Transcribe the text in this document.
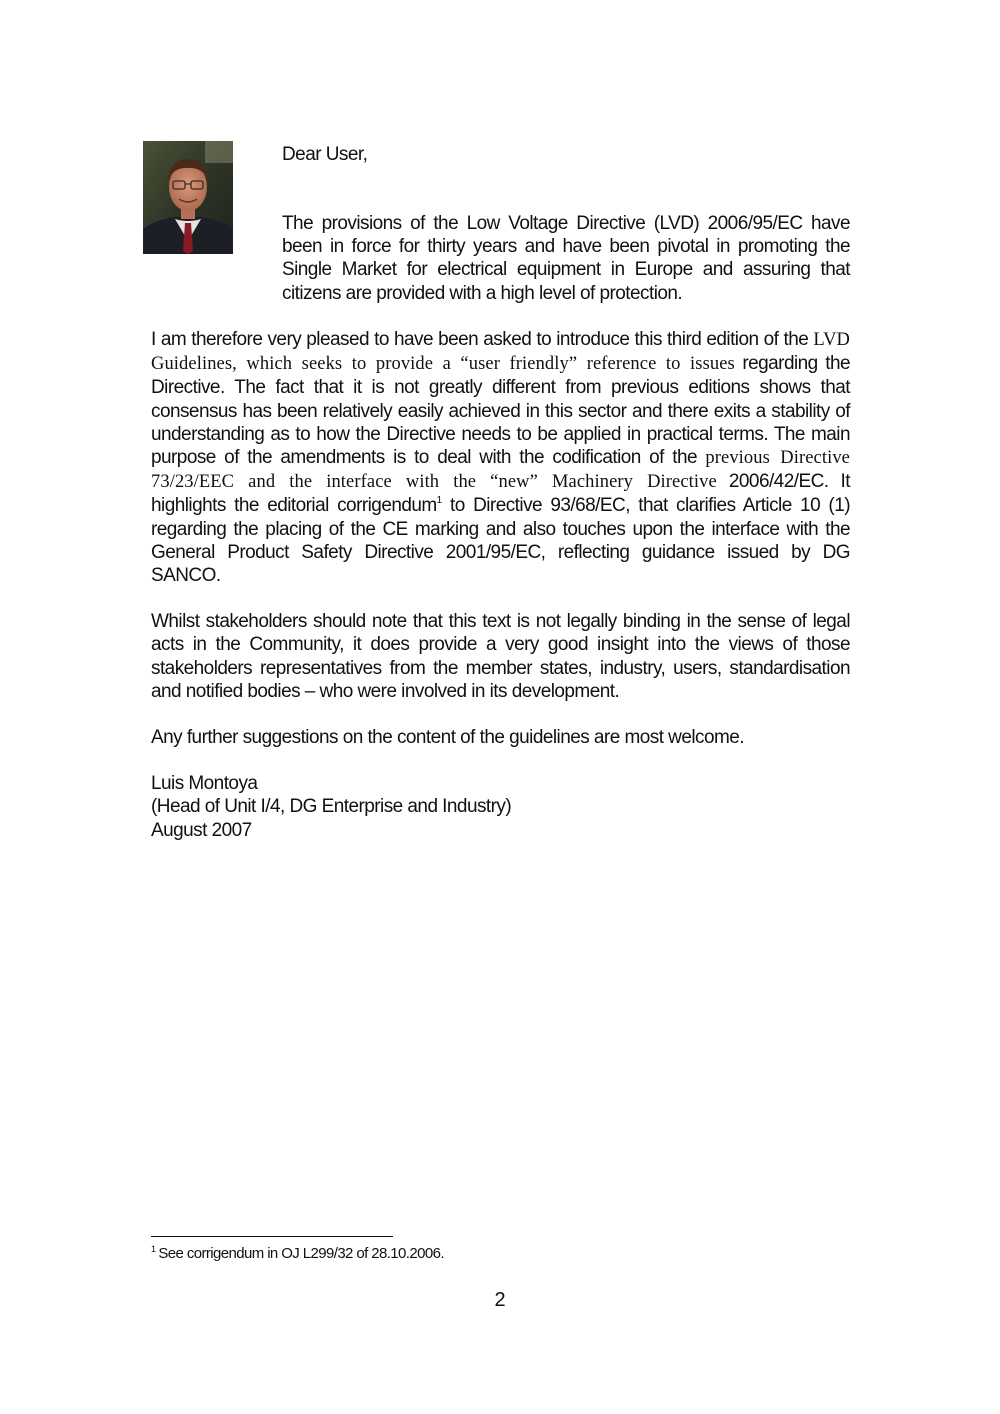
Dear User,

The provisions of the Low Voltage Directive (LVD) 2006/95/EC have been in force for thirty years and have been pivotal in promoting the Single Market for electrical equipment in Europe and assuring that citizens are provided with a high level of protection.

I am therefore very pleased to have been asked to introduce this third edition of the LVD Guidelines, which seeks to provide a “user friendly” reference to issues regarding the Directive. The fact that it is not greatly different from previous editions shows that consensus has been relatively easily achieved in this sector and there exits a stability of understanding as to how the Directive needs to be applied in practical terms. The main purpose of the amendments is to deal with the codification of the previous Directive 73/23/EEC and the interface with the “new” Machinery Directive 2006/42/EC. It highlights the editorial corrigendum$^1$ to Directive 93/68/EC, that clarifies Article 10 (1) regarding the placing of the CE marking and also touches upon the interface with the General Product Safety Directive 2001/95/EC, reflecting guidance issued by DG SANCO.

Whilst stakeholders should note that this text is not legally binding in the sense of legal acts in the Community, it does provide a very good insight into the views of those stakeholders representatives from the member states, industry, users, standardisation and notified bodies – who were involved in its development.

Any further suggestions on the content of the guidelines are most welcome.

Luis Montoya
(Head of Unit I/4, DG Enterprise and Industry)
August 2007

$^1$ See corrigendum in OJ L299/32 of 28.10.2006.

2
